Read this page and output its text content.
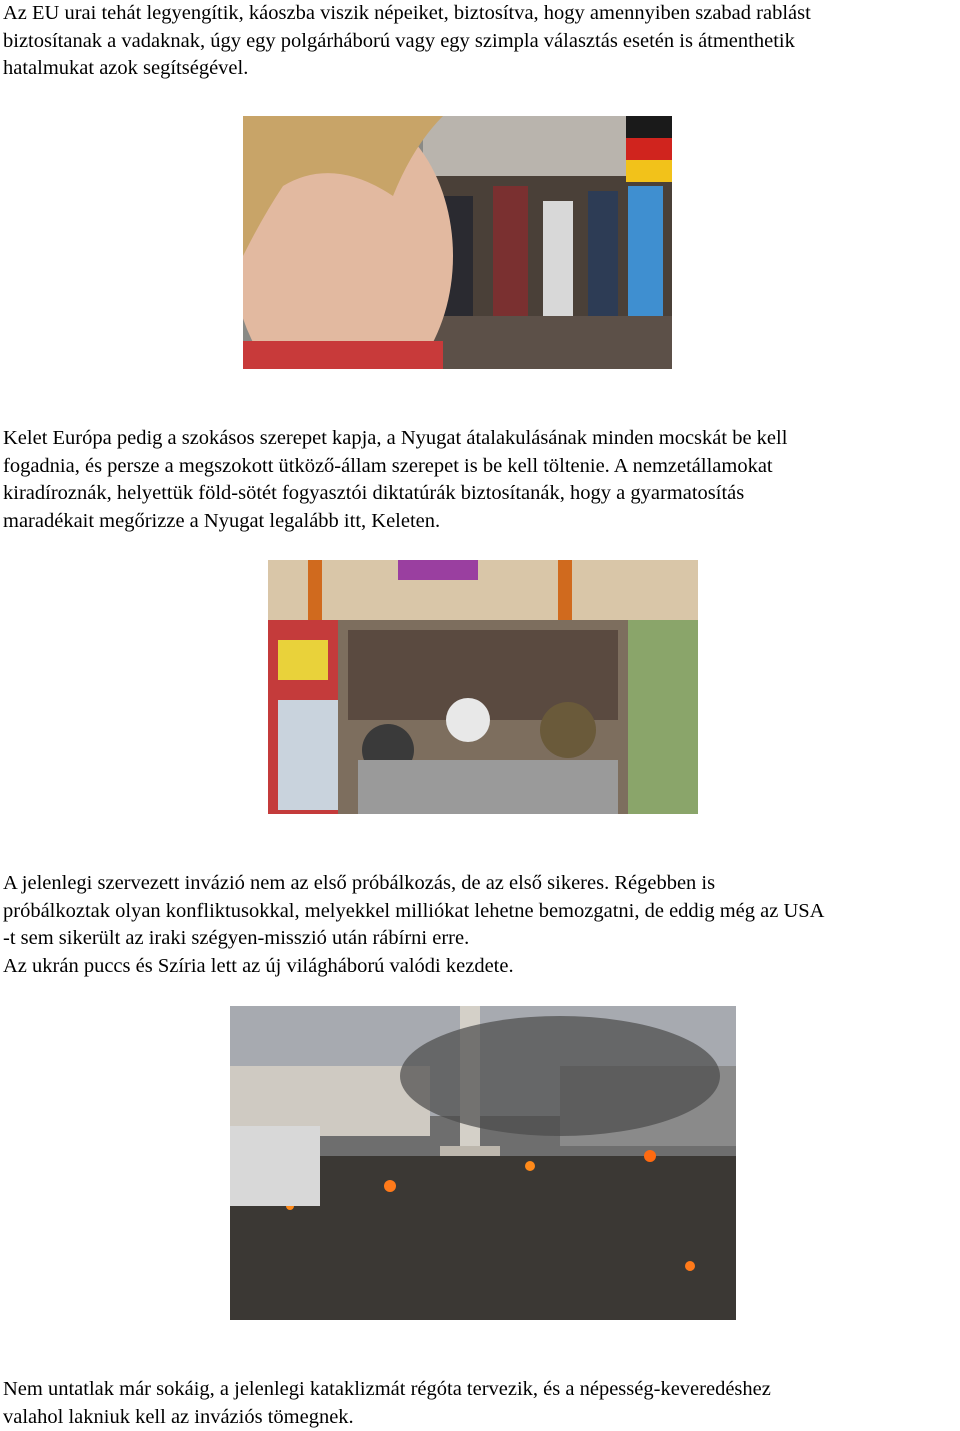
Az EU urai tehát legyengítik, káoszba viszik népeiket, biztosítva, hogy amennyiben szabad rablást

biztosítanak a vadaknak, úgy egy polgárháború vagy egy szimpla választás esetén is átmenthetik

hatalmukat azok segítségével.

Kelet Európa pedig a szokásos szerepet kapja, a Nyugat átalakulásának minden mocskát be kell

fogadnia, és persze a megszokott ütköző-állam szerepet is be kell töltenie. A nemzetállamokat

kiradíroznák, helyettük föld-sötét fogyasztói diktatúrák biztosítanák, hogy a gyarmatosítás

maradékait megőrizze a Nyugat legalább itt, Keleten.

A jelenlegi szervezett invázió nem az első próbálkozás, de az első sikeres. Régebben is

próbálkoztak olyan konfliktusokkal, melyekkel milliókat lehetne bemozgatni, de eddig még az USA

-t sem sikerült az iraki szégyen-misszió után rábírni erre.

Az ukrán puccs és Szíria lett az új világháború valódi kezdete.

Nem untatlak már sokáig, a jelenlegi kataklizmát régóta tervezik, és a népesség-keveredéshez

valahol lakniuk kell az inváziós tömegnek.
